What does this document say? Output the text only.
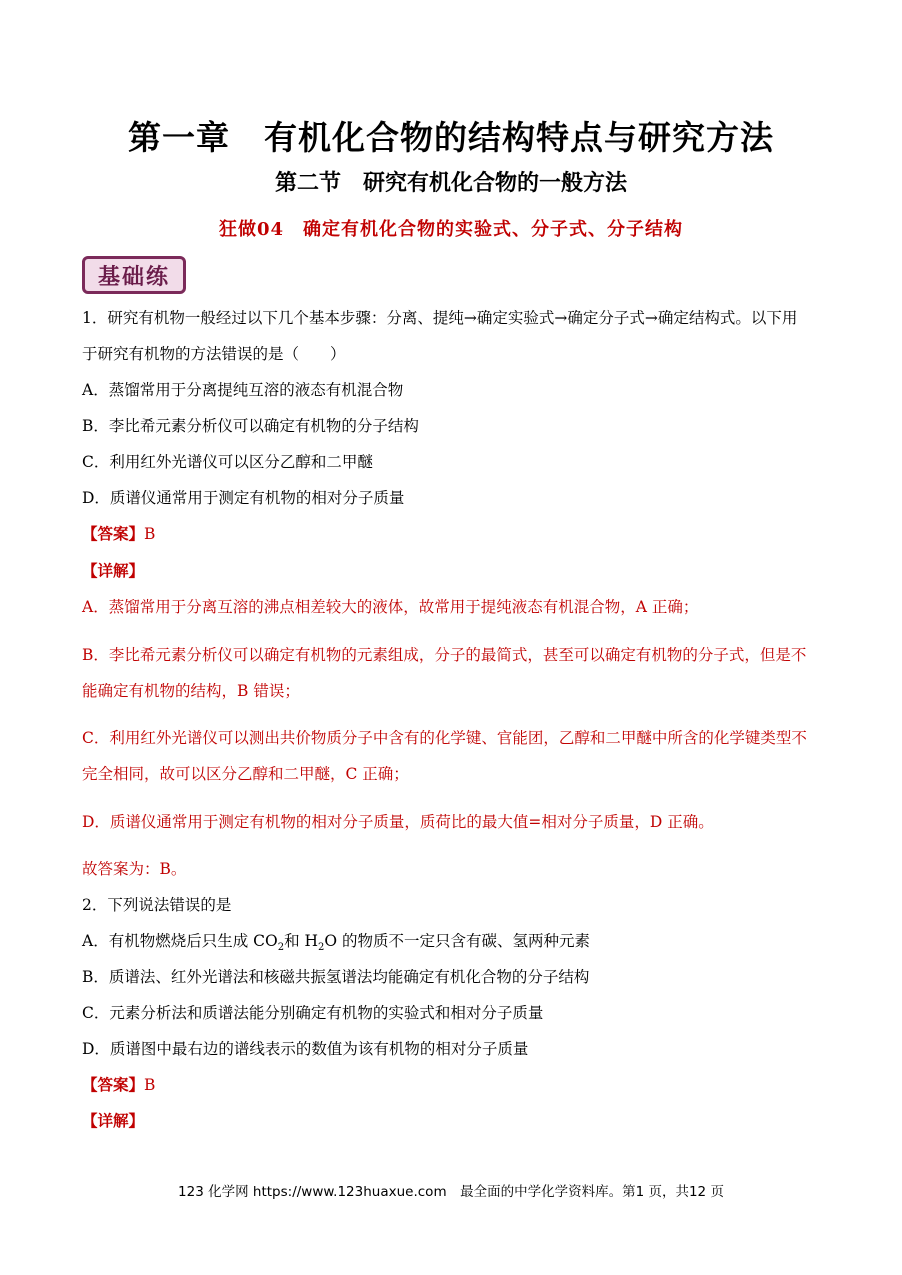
第一章　有机化合物的结构特点与研究方法
第二节　研究有机化合物的一般方法
狂做04　确定有机化合物的实验式、分子式、分子结构
基础练
1．研究有机物一般经过以下几个基本步骤：分离、提纯→确定实验式→确定分子式→确定结构式。以下用
于研究有机物的方法错误的是（　　）
A．蒸馏常用于分离提纯互溶的液态有机混合物
B．李比希元素分析仪可以确定有机物的分子结构
C．利用红外光谱仪可以区分乙醇和二甲醚
D．质谱仪通常用于测定有机物的相对分子质量
【答案】B
【详解】
A．蒸馏常用于分离互溶的沸点相差较大的液体，故常用于提纯液态有机混合物，A 正确；
B．李比希元素分析仪可以确定有机物的元素组成，分子的最简式，甚至可以确定有机物的分子式，但是不
能确定有机物的结构，B 错误；
C．利用红外光谱仪可以测出共价物质分子中含有的化学键、官能团，乙醇和二甲醚中所含的化学键类型不
完全相同，故可以区分乙醇和二甲醚，C 正确；
D．质谱仪通常用于测定有机物的相对分子质量，质荷比的最大值=相对分子质量，D 正确。
故答案为：B。
2．下列说法错误的是
A．有机物燃烧后只生成 $CO_2$和 $H_2O$ 的物质不一定只含有碳、氢两种元素
B．质谱法、红外光谱法和核磁共振氢谱法均能确定有机化合物的分子结构
C．元素分析法和质谱法能分别确定有机物的实验式和相对分子质量
D．质谱图中最右边的谱线表示的数值为该有机物的相对分子质量
【答案】B
【详解】
123 化学网 https://www.123huaxue.com　最全面的中学化学资料库。第1 页，共12 页
